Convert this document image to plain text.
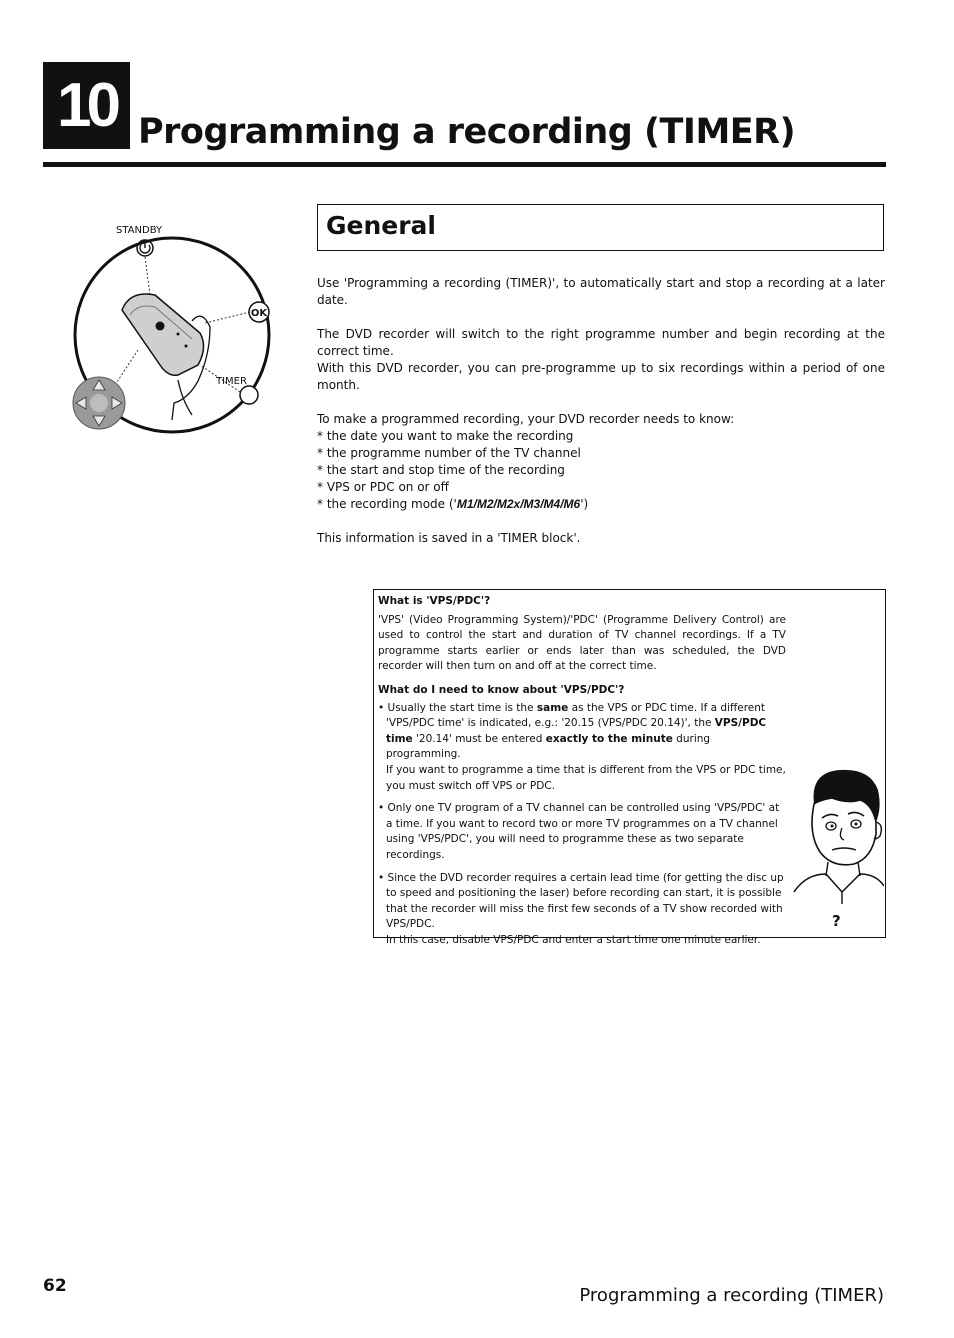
10 Programming a recording (TIMER)
STANDBY
OK
TIMER
General

Use 'Programming a recording (TIMER)', to automatically start and stop a recording at a later date.

The DVD recorder will switch to the right programme number and begin recording at the correct time.

With this DVD recorder, you can pre-programme up to six recordings within a period of one month.

To make a programmed recording, your DVD recorder needs to know:

* the date you want to make the recording

* the programme number of the TV channel

* the start and stop time of the recording

* VPS or PDC on or off

* the recording mode ('M1/M2/M2x/M3/M4/M6')

This information is saved in a 'TIMER block'.

What is 'VPS/PDC'?

'VPS' (Video Programming System)/'PDC' (Programme Delivery Control) are used to control the start and duration of TV channel recordings. If a TV programme starts earlier or ends later than was scheduled, the DVD recorder will then turn on and off at the correct time.

What do I need to know about 'VPS/PDC'?

• Usually the start time is the same as the VPS or PDC time. If a different 'VPS/PDC time' is indicated, e.g.: '20.15 (VPS/PDC 20.14)', the VPS/PDC time '20.14' must be entered exactly to the minute during programming.

If you want to programme a time that is different from the VPS or PDC time, you must switch off VPS or PDC.

• Only one TV program of a TV channel can be controlled using 'VPS/PDC' at a time. If you want to record two or more TV programmes on a TV channel using 'VPS/PDC', you will need to programme these as two separate recordings.

• Since the DVD recorder requires a certain lead time (for getting the disc up to speed and positioning the laser) before recording can start, it is possible that the recorder will miss the first few seconds of a TV show recorded with VPS/PDC.

In this case, disable VPS/PDC and enter a start time one minute earlier.

?
62	Programming a recording (TIMER)
